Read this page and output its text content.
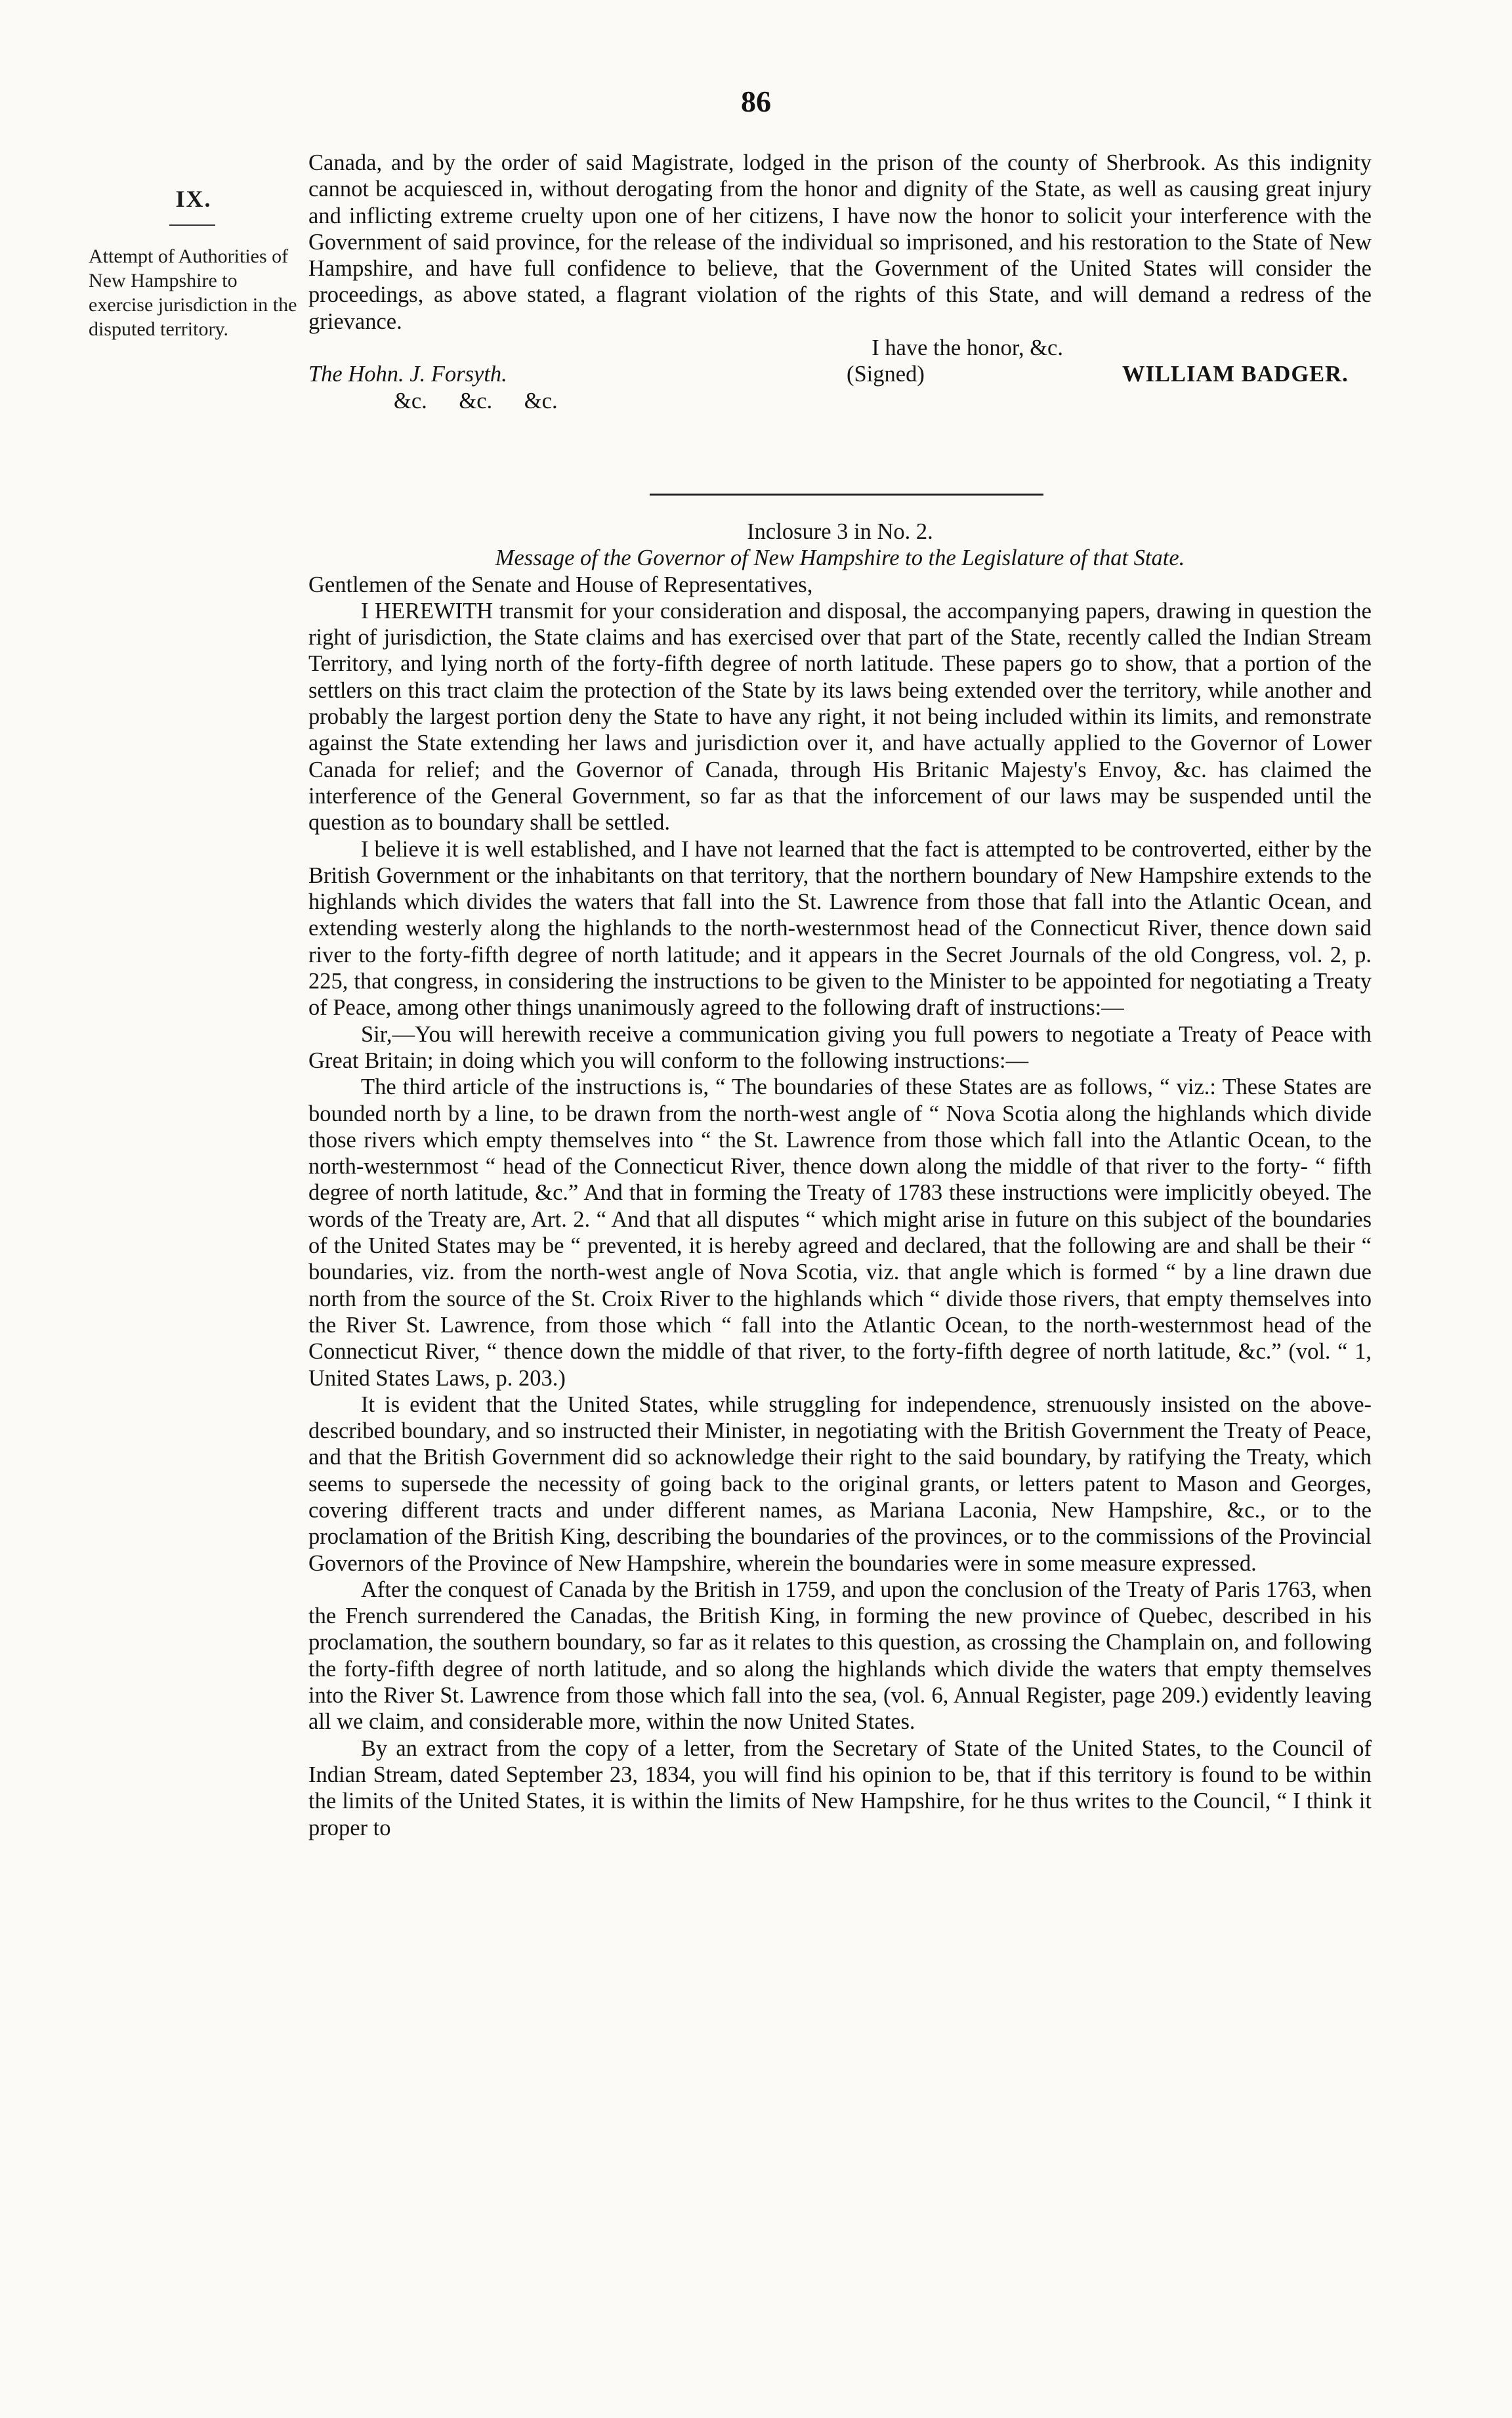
86
IX.
Attempt of Authorities of New Hampshire to exercise jurisdiction in the disputed territory.

Canada, and by the order of said Magistrate, lodged in the prison of the county of Sherbrook. As this indignity cannot be acquiesced in, without derogating from the honor and dignity of the State, as well as causing great injury and inflicting extreme cruelty upon one of her citizens, I have now the honor to solicit your interference with the Government of said province, for the release of the individual so imprisoned, and his restoration to the State of New Hampshire, and have full confidence to believe, that the Government of the United States will consider the proceedings, as above stated, a flagrant violation of the rights of this State, and will demand a redress of the grievance.

I have the honor, &c.

The Hohn. J. Forsyth.	(Signed)	WILLIAM BADGER.

&c. &c. &c.

Inclosure 3 in No. 2.

Message of the Governor of New Hampshire to the Legislature of that State.

Gentlemen of the Senate and House of Representatives,

I HEREWITH transmit for your consideration and disposal, the accompanying papers, drawing in question the right of jurisdiction, the State claims and has exercised over that part of the State, recently called the Indian Stream Territory, and lying north of the forty-fifth degree of north latitude. These papers go to show, that a portion of the settlers on this tract claim the protection of the State by its laws being extended over the territory, while another and probably the largest portion deny the State to have any right, it not being included within its limits, and remonstrate against the State extending her laws and jurisdiction over it, and have actually applied to the Governor of Lower Canada for relief; and the Governor of Canada, through His Britanic Majesty's Envoy, &c. has claimed the interference of the General Government, so far as that the inforcement of our laws may be suspended until the question as to boundary shall be settled.

I believe it is well established, and I have not learned that the fact is attempted to be controverted, either by the British Government or the inhabitants on that territory, that the northern boundary of New Hampshire extends to the highlands which divides the waters that fall into the St. Lawrence from those that fall into the Atlantic Ocean, and extending westerly along the highlands to the north-westernmost head of the Connecticut River, thence down said river to the forty-fifth degree of north latitude; and it appears in the Secret Journals of the old Congress, vol. 2, p. 225, that congress, in considering the instructions to be given to the Minister to be appointed for negotiating a Treaty of Peace, among other things unanimously agreed to the following draft of instructions:—

Sir,—You will herewith receive a communication giving you full powers to negotiate a Treaty of Peace with Great Britain; in doing which you will conform to the following instructions:—

The third article of the instructions is, “ The boundaries of these States are as follows, “ viz.: These States are bounded north by a line, to be drawn from the north-west angle of “ Nova Scotia along the highlands which divide those rivers which empty themselves into “ the St. Lawrence from those which fall into the Atlantic Ocean, to the north-westernmost “ head of the Connecticut River, thence down along the middle of that river to the forty- “ fifth degree of north latitude, &c.” And that in forming the Treaty of 1783 these instructions were implicitly obeyed. The words of the Treaty are, Art. 2. “ And that all disputes “ which might arise in future on this subject of the boundaries of the United States may be “ prevented, it is hereby agreed and declared, that the following are and shall be their “ boundaries, viz. from the north-west angle of Nova Scotia, viz. that angle which is formed “ by a line drawn due north from the source of the St. Croix River to the highlands which “ divide those rivers, that empty themselves into the River St. Lawrence, from those which “ fall into the Atlantic Ocean, to the north-westernmost head of the Connecticut River, “ thence down the middle of that river, to the forty-fifth degree of north latitude, &c.” (vol. “ 1, United States Laws, p. 203.)

It is evident that the United States, while struggling for independence, strenuously insisted on the above-described boundary, and so instructed their Minister, in negotiating with the British Government the Treaty of Peace, and that the British Government did so acknowledge their right to the said boundary, by ratifying the Treaty, which seems to supersede the necessity of going back to the original grants, or letters patent to Mason and Georges, covering different tracts and under different names, as Mariana Laconia, New Hampshire, &c., or to the proclamation of the British King, describing the boundaries of the provinces, or to the commissions of the Provincial Governors of the Province of New Hampshire, wherein the boundaries were in some measure expressed.

After the conquest of Canada by the British in 1759, and upon the conclusion of the Treaty of Paris 1763, when the French surrendered the Canadas, the British King, in forming the new province of Quebec, described in his proclamation, the southern boundary, so far as it relates to this question, as crossing the Champlain on, and following the forty-fifth degree of north latitude, and so along the highlands which divide the waters that empty themselves into the River St. Lawrence from those which fall into the sea, (vol. 6, Annual Register, page 209.) evidently leaving all we claim, and considerable more, within the now United States.

By an extract from the copy of a letter, from the Secretary of State of the United States, to the Council of Indian Stream, dated September 23, 1834, you will find his opinion to be, that if this territory is found to be within the limits of the United States, it is within the limits of New Hampshire, for he thus writes to the Council, “ I think it proper to
